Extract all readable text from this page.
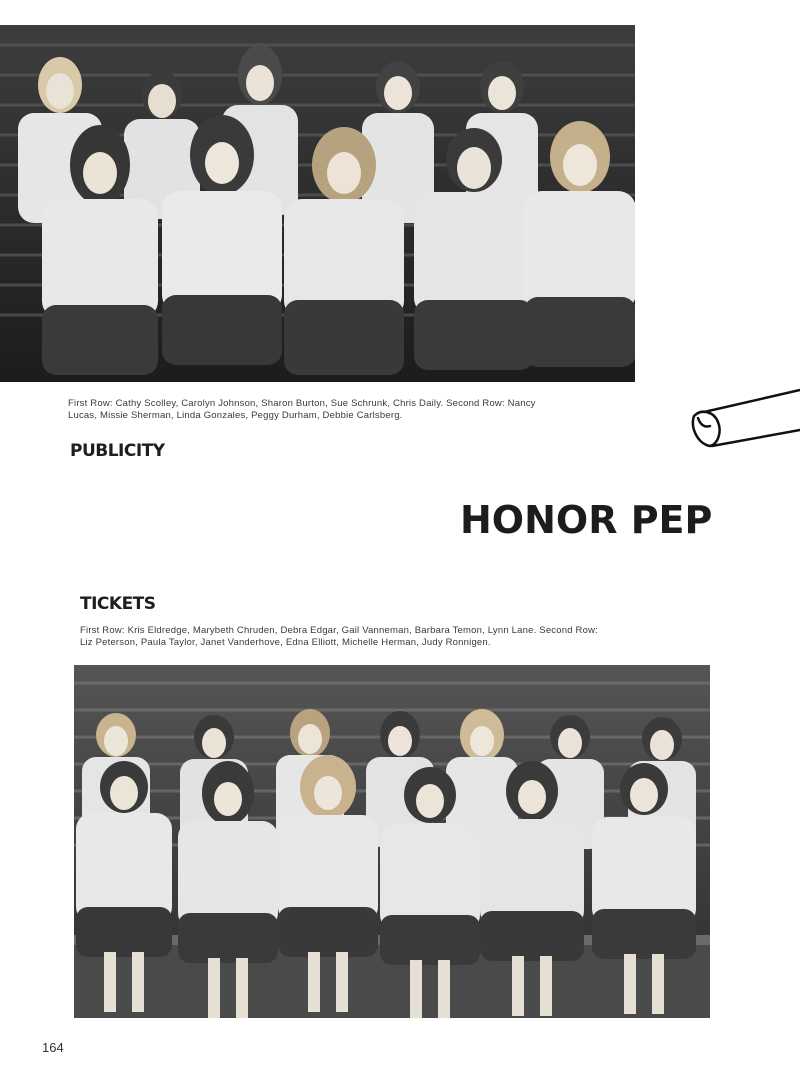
First Row: Cathy Scolley, Carolyn Johnson, Sharon Burton, Sue Schrunk, Chris Daily. Second Row: Nancy
Lucas, Missie Sherman, Linda Gonzales, Peggy Durham, Debbie Carlsberg.
PUBLICITY
HONOR PEP
TICKETS
First Row: Kris Eldredge, Marybeth Chruden, Debra Edgar, Gail Vanneman, Barbara Temon, Lynn Lane. Second Row:
Liz Peterson, Paula Taylor, Janet Vanderhove, Edna Elliott, Michelle Herman, Judy Ronnigen.
164
